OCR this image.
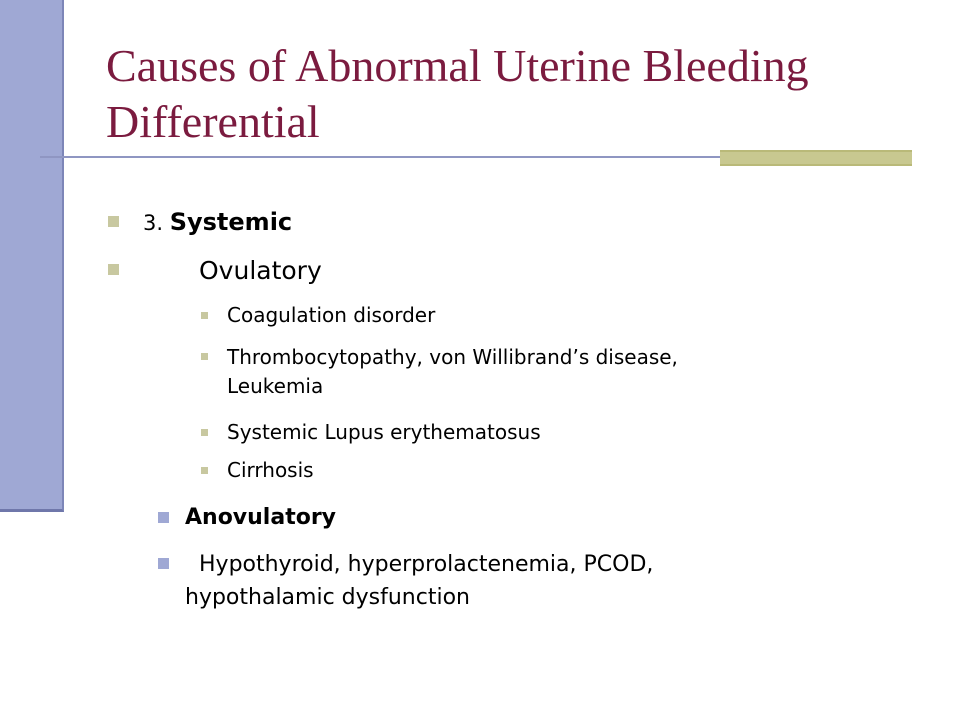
Causes of Abnormal Uterine Bleeding
Differential
3. Systemic
Ovulatory
Coagulation disorder
Thrombocytopathy, von Willibrand’s disease,
Leukemia
Systemic Lupus erythematosus
Cirrhosis
Anovulatory
Hypothyroid, hyperprolactenemia, PCOD,
hypothalamic dysfunction
